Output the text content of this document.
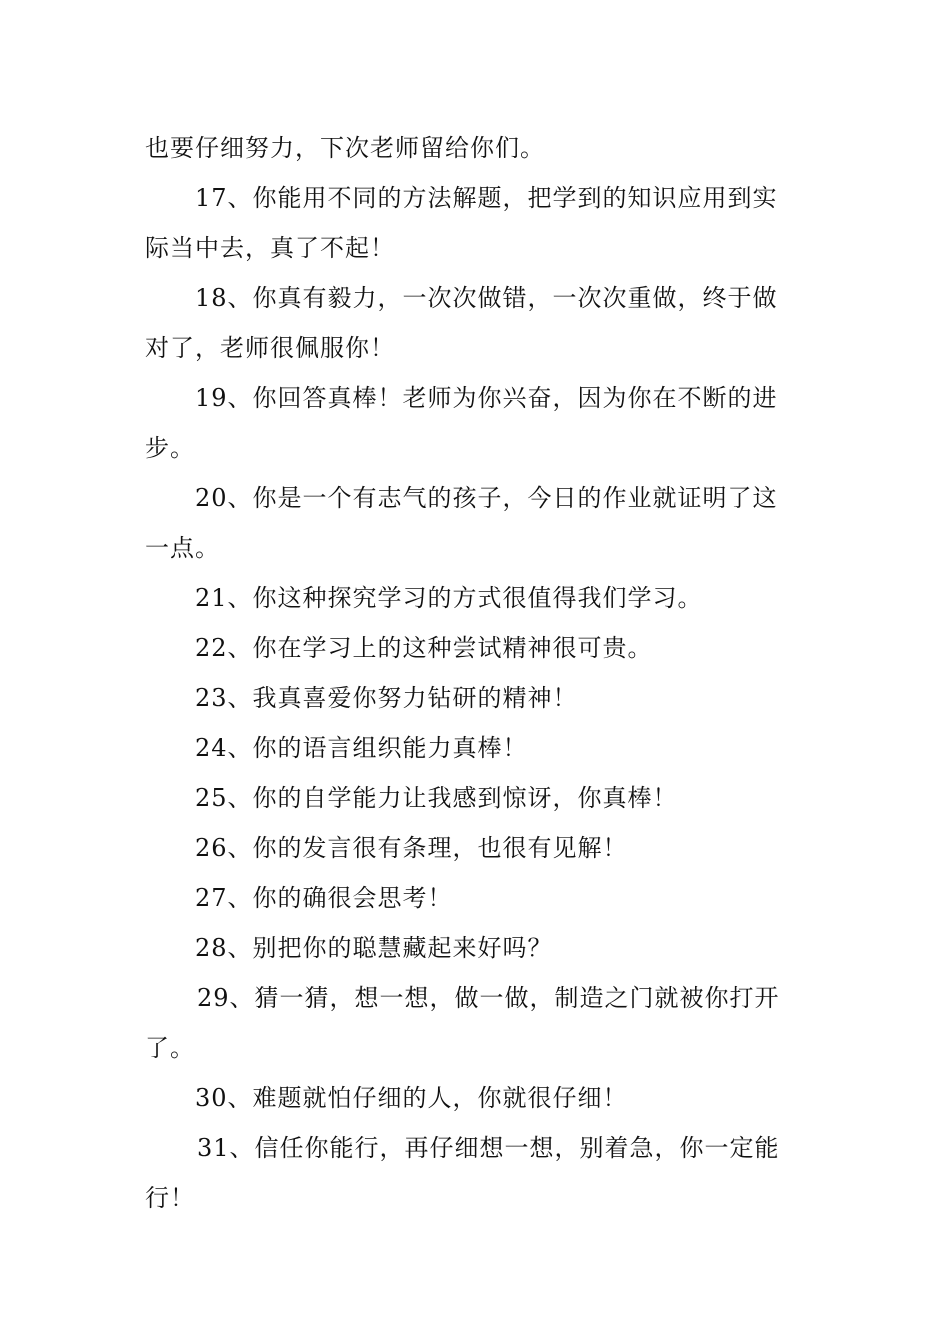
也要仔细努力，下次老师留给你们。
17、你能用不同的方法解题，把学到的知识应用到实
际当中去，真了不起！
18、你真有毅力，一次次做错，一次次重做，终于做
对了，老师很佩服你！
19、你回答真棒！老师为你兴奋，因为你在不断的进
步。
20、你是一个有志气的孩子，今日的作业就证明了这
一点。
21、你这种探究学习的方式很值得我们学习。
22、你在学习上的这种尝试精神很可贵。
23、我真喜爱你努力钻研的精神！
24、你的语言组织能力真棒！
25、你的自学能力让我感到惊讶，你真棒！
26、你的发言很有条理，也很有见解！
27、你的确很会思考！
28、别把你的聪慧藏起来好吗？
29、猜一猜，想一想，做一做，制造之门就被你打开
了。
30、难题就怕仔细的人，你就很仔细！
31、信任你能行，再仔细想一想，别着急，你一定能
行！
